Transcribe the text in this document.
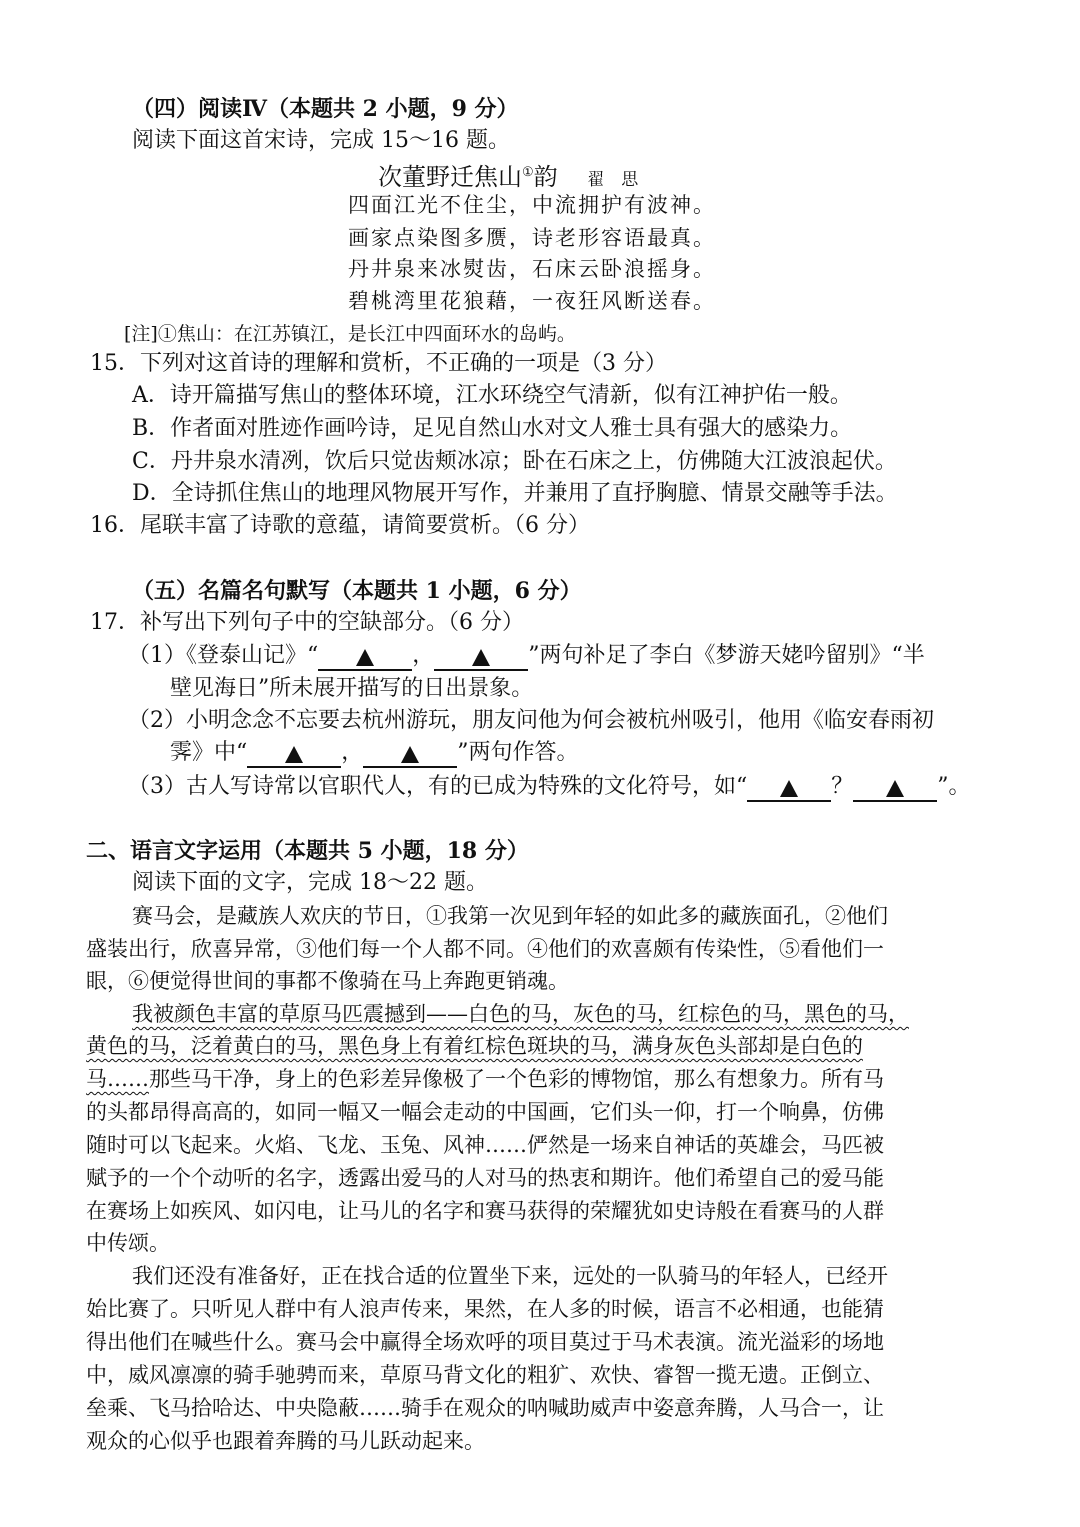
（四）阅读Ⅳ（本题共 2 小题，9 分）
阅读下面这首宋诗，完成 15～16 题。
次董野迁焦山①韵 翟　思
四面江光不住尘，中流拥护有波神。
画家点染图多赝，诗老形容语最真。
丹井泉来冰熨齿，石床云卧浪摇身。
碧桃湾里花狼藉，一夜狂风断送春。
[注]①焦山：在江苏镇江，是长江中四面环水的岛屿。
15．下列对这首诗的理解和赏析，不正确的一项是（3 分）
A．诗开篇描写焦山的整体环境，江水环绕空气清新，似有江神护佑一般。
B．作者面对胜迹作画吟诗，足见自然山水对文人雅士具有强大的感染力。
C．丹井泉水清冽，饮后只觉齿颊冰凉；卧在石床之上，仿佛随大江波浪起伏。
D．全诗抓住焦山的地理风物展开写作，并兼用了直抒胸臆、情景交融等手法。
16．尾联丰富了诗歌的意蕴，请简要赏析。（6 分）
（五）名篇名句默写（本题共 1 小题，6 分）
17．补写出下列句子中的空缺部分。（6 分）
（1）《登泰山记》“	，	”两句补足了李白《梦游天姥吟留别》“半
壁见海日”所未展开描写的日出景象。
（2）小明念念不忘要去杭州游玩，朋友问他为何会被杭州吸引，他用《临安春雨初
霁》中“	，	”两句作答。
（3）古人写诗常以官职代人，有的已成为特殊的文化符号，如“	？	”。
二、语言文字运用（本题共 5 小题，18 分）
阅读下面的文字，完成 18～22 题。
赛马会，是藏族人欢庆的节日，①我第一次见到年轻的如此多的藏族面孔，②他们
盛装出行，欣喜异常，③他们每一个人都不同。④他们的欢喜颇有传染性，⑤看他们一
眼，⑥便觉得世间的事都不像骑在马上奔跑更销魂。
我被颜色丰富的草原马匹震撼到——白色的马，灰色的马，红棕色的马，黑色的马，
黄色的马，泛着黄白的马，黑色身上有着红棕色斑块的马，满身灰色头部却是白色的
马……那些马干净，身上的色彩差异像极了一个色彩的博物馆，那么有想象力。所有马
的头都昂得高高的，如同一幅又一幅会走动的中国画，它们头一仰，打一个响鼻，仿佛
随时可以飞起来。火焰、飞龙、玉兔、风神……俨然是一场来自神话的英雄会，马匹被
赋予的一个个动听的名字，透露出爱马的人对马的热衷和期许。他们希望自己的爱马能
在赛场上如疾风、如闪电，让马儿的名字和赛马获得的荣耀犹如史诗般在看赛马的人群
中传颂。
我们还没有准备好，正在找合适的位置坐下来，远处的一队骑马的年轻人，已经开
始比赛了。只听见人群中有人浪声传来，果然，在人多的时候，语言不必相通，也能猜
得出他们在喊些什么。赛马会中赢得全场欢呼的项目莫过于马术表演。流光溢彩的场地
中，威风凛凛的骑手驰骋而来，草原马背文化的粗犷、欢快、睿智一揽无遗。正倒立、
垒乘、飞马拾哈达、中央隐蔽……骑手在观众的呐喊助威声中姿意奔腾，人马合一，让
观众的心似乎也跟着奔腾的马儿跃动起来。
